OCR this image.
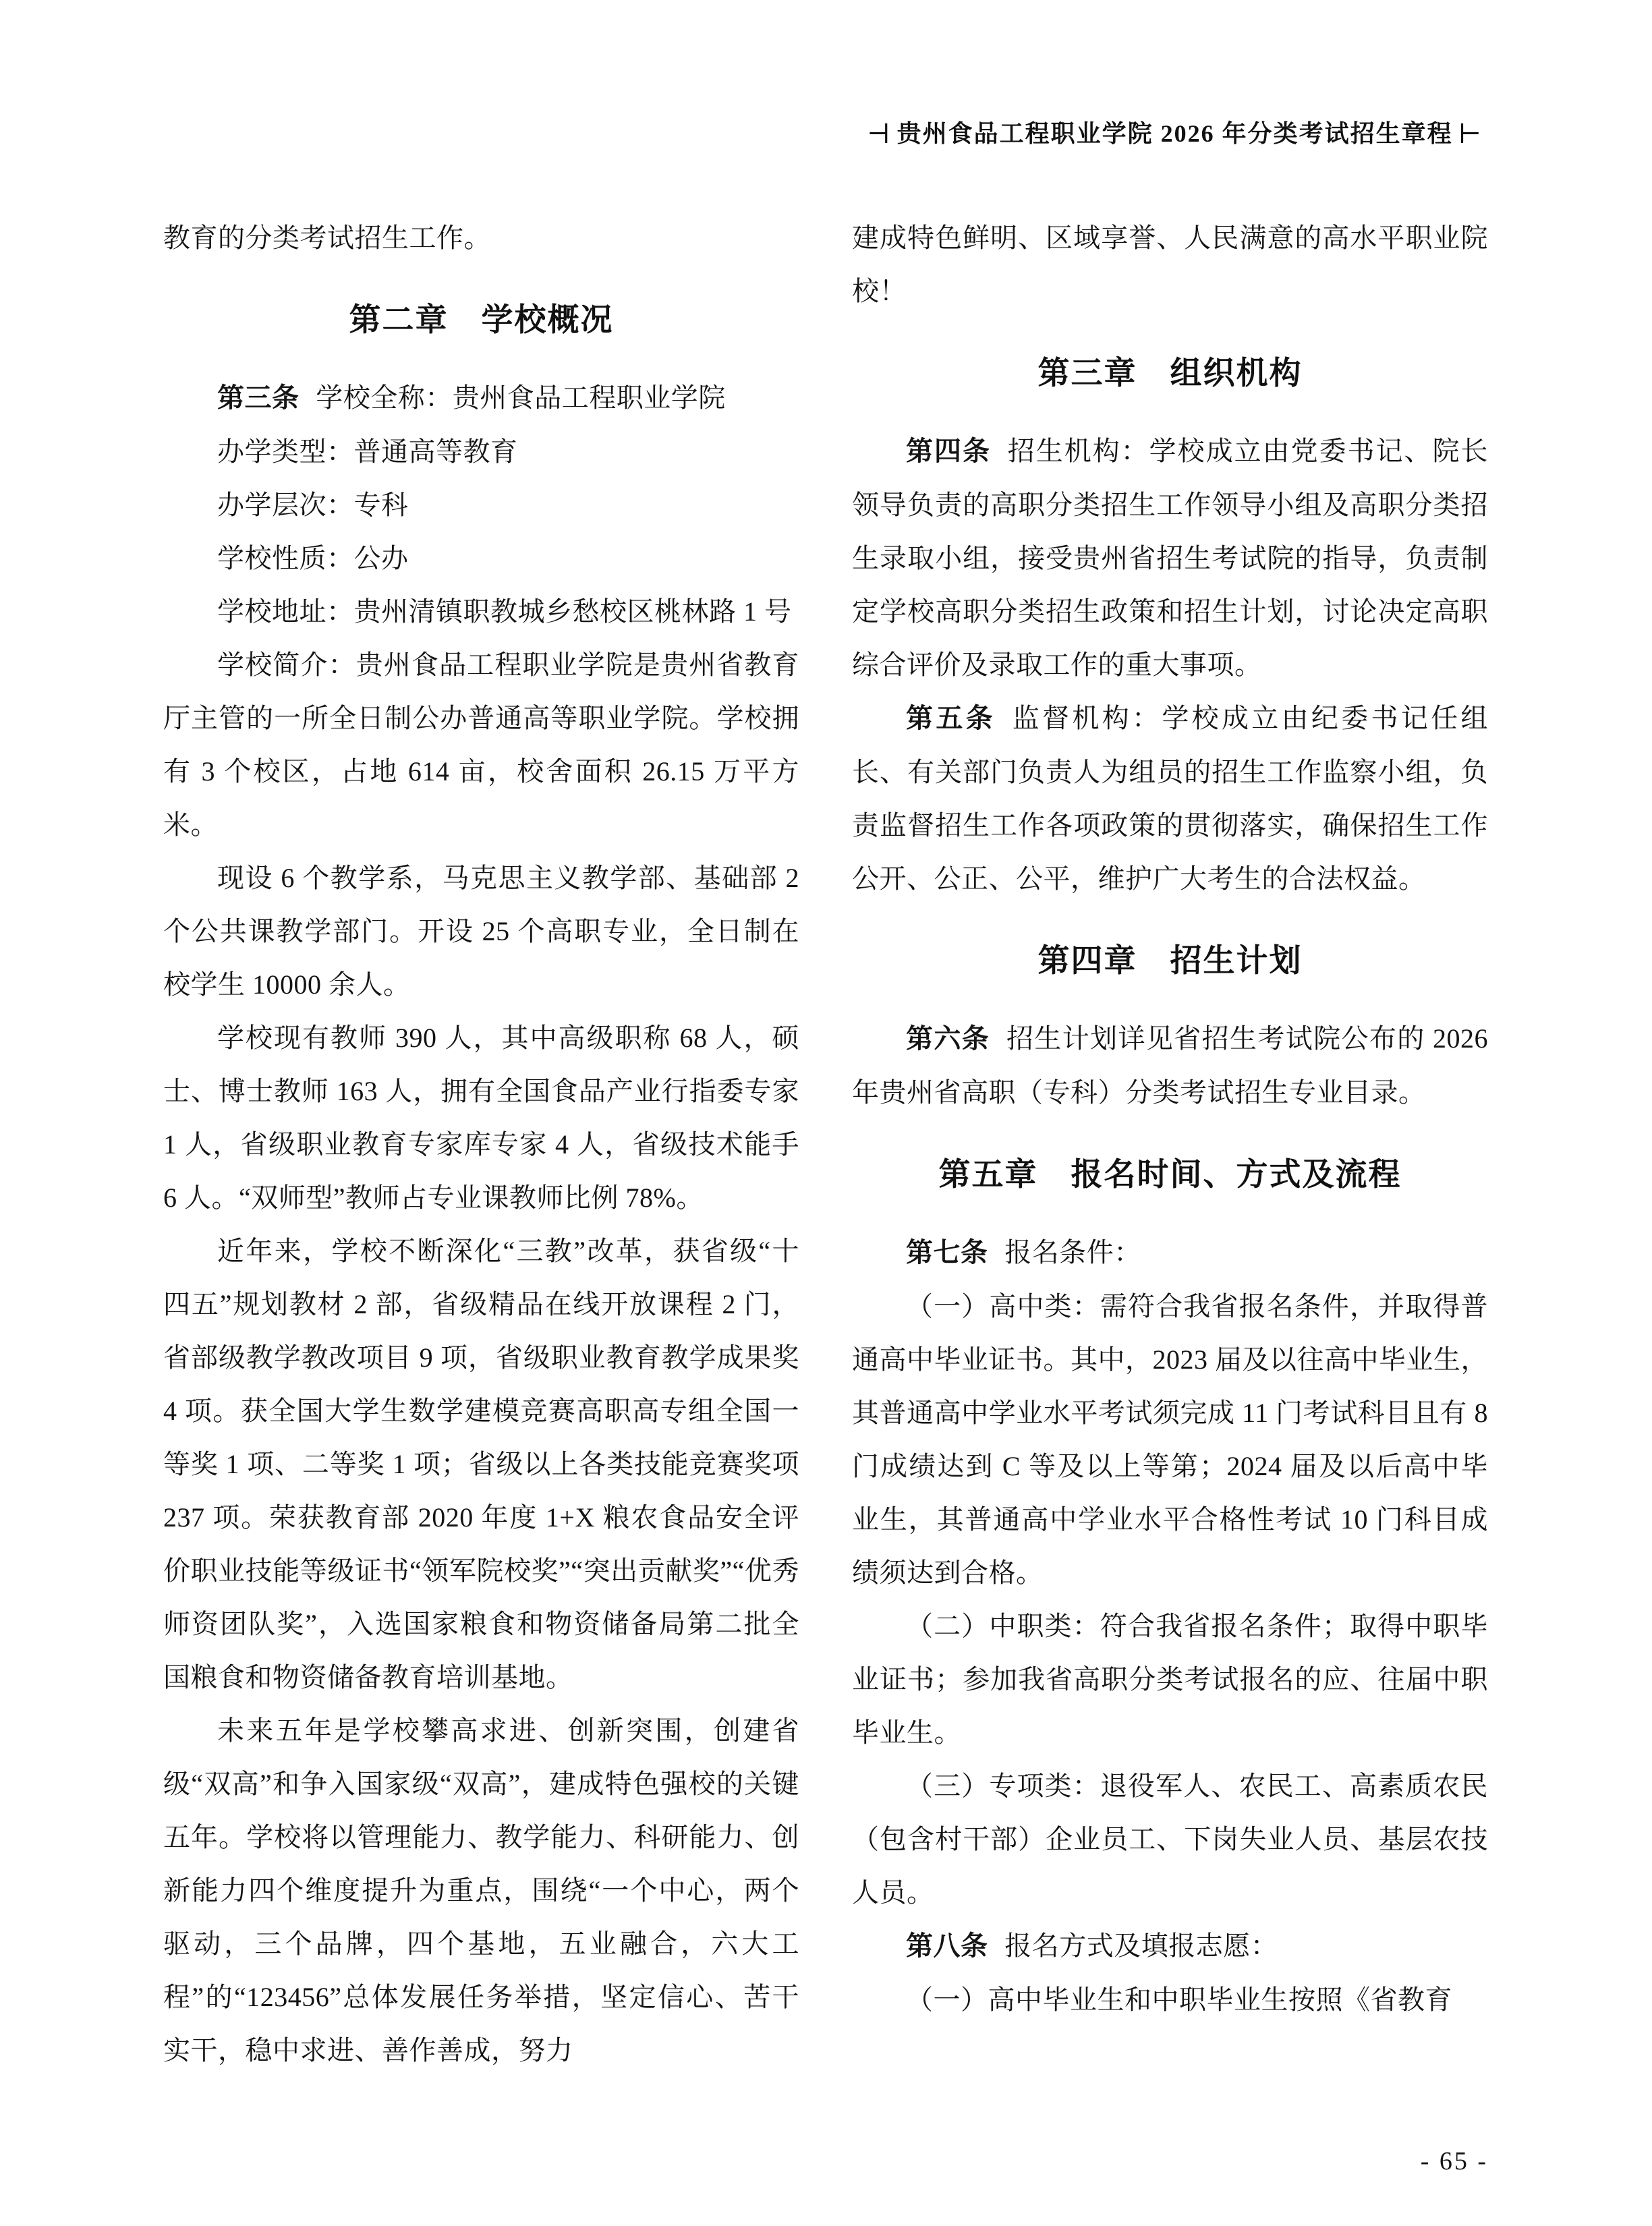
⊣ 贵州食品工程职业学院 2026 年分类考试招生章程 ⊢

教育的分类考试招生工作。

第二章　学校概况

第三条 学校全称：贵州食品工程职业学院

办学类型：普通高等教育

办学层次：专科

学校性质：公办

学校地址：贵州清镇职教城乡愁校区桃林路 1 号

学校简介：贵州食品工程职业学院是贵州省教育厅主管的一所全日制公办普通高等职业学院。学校拥有 3 个校区，占地 614 亩，校舍面积 26.15 万平方米。

现设 6 个教学系，马克思主义教学部、基础部 2 个公共课教学部门。开设 25 个高职专业，全日制在校学生 10000 余人。

学校现有教师 390 人，其中高级职称 68 人，硕士、博士教师 163 人，拥有全国食品产业行指委专家 1 人，省级职业教育专家库专家 4 人，省级技术能手 6 人。“双师型”教师占专业课教师比例 78%。

近年来，学校不断深化“三教”改革，获省级“十四五”规划教材 2 部，省级精品在线开放课程 2 门，省部级教学教改项目 9 项，省级职业教育教学成果奖 4 项。获全国大学生数学建模竞赛高职高专组全国一等奖 1 项、二等奖 1 项；省级以上各类技能竞赛奖项 237 项。荣获教育部 2020 年度 1+X 粮农食品安全评价职业技能等级证书“领军院校奖”“突出贡献奖”“优秀师资团队奖”，入选国家粮食和物资储备局第二批全国粮食和物资储备教育培训基地。

未来五年是学校攀高求进、创新突围，创建省级“双高”和争入国家级“双高”，建成特色强校的关键五年。学校将以管理能力、教学能力、科研能力、创新能力四个维度提升为重点，围绕“一个中心，两个驱动，三个品牌，四个基地，五业融合，六大工程”的“123456”总体发展任务举措，坚定信心、苦干实干，稳中求进、善作善成，努力

建成特色鲜明、区域享誉、人民满意的高水平职业院校！

第三章　组织机构

第四条 招生机构：学校成立由党委书记、院长领导负责的高职分类招生工作领导小组及高职分类招生录取小组，接受贵州省招生考试院的指导，负责制定学校高职分类招生政策和招生计划，讨论决定高职综合评价及录取工作的重大事项。

第五条 监督机构：学校成立由纪委书记任组长、有关部门负责人为组员的招生工作监察小组，负责监督招生工作各项政策的贯彻落实，确保招生工作公开、公正、公平，维护广大考生的合法权益。

第四章　招生计划

第六条 招生计划详见省招生考试院公布的 2026 年贵州省高职（专科）分类考试招生专业目录。

第五章　报名时间、方式及流程

第七条 报名条件：

（一）高中类：需符合我省报名条件，并取得普通高中毕业证书。其中，2023 届及以往高中毕业生，其普通高中学业水平考试须完成 11 门考试科目且有 8 门成绩达到 C 等及以上等第；2024 届及以后高中毕业生，其普通高中学业水平合格性考试 10 门科目成绩须达到合格。

（二）中职类：符合我省报名条件；取得中职毕业证书；参加我省高职分类考试报名的应、往届中职毕业生。

（三）专项类：退役军人、农民工、高素质农民（包含村干部）企业员工、下岗失业人员、基层农技人员。

第八条 报名方式及填报志愿：

（一）高中毕业生和中职毕业生按照《省教育

- 65 -
